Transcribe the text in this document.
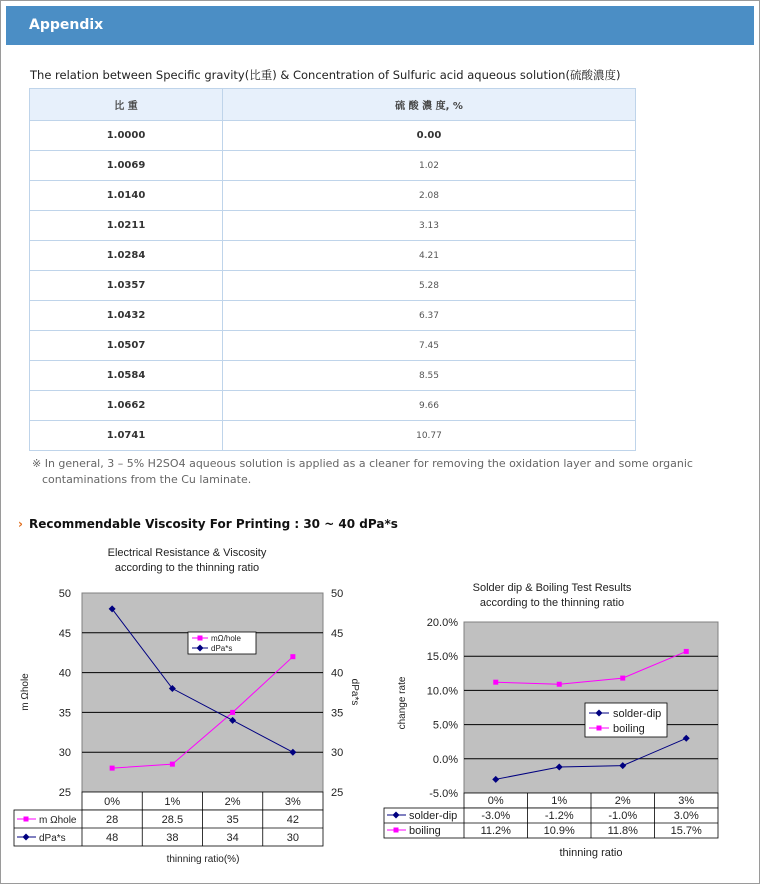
Appendix
The relation between Specific gravity(比重) & Concentration of Sulfuric acid aqueous solution(硫酸濃度)
比 重	硫 酸 濃 度, %
1.0000	0.00
1.0069	1.02
1.0140	2.08
1.0211	3.13
1.0284	4.21
1.0357	5.28
1.0432	6.37
1.0507	7.45
1.0584	8.55
1.0662	9.66
1.0741	10.77
※ In general, 3 – 5% H2SO4 aqueous solution is applied as a cleaner for removing the oxidation layer and some organic
contaminations from the Cu laminate.
› Recommendable Viscosity For Printing : 30 ~ 40 dPa*s
Electrical Resistance & Viscosity
according to the thinning ratio
25	25
30	30
35	35
40	40
45	45
50	50
m Ωhole	dPa*s
mΩ/hole
dPa*s
0%	1%	2%	3%
m Ωhole	28	28.5	35	42
dPa*s	48	38	34	30
thinning ratio(%)
Solder dip & Boiling Test Results
according to the thinning ratio
-5.0%
0.0%
5.0%
10.0%
15.0%
20.0%
change rate	solder-dip
boiling
0%	1%	2%	3%
solder-dip -3.0%	-1.2%	-1.0%	3.0%
boiling	11.2%	10.9%	11.8%	15.7%
thinning ratio
